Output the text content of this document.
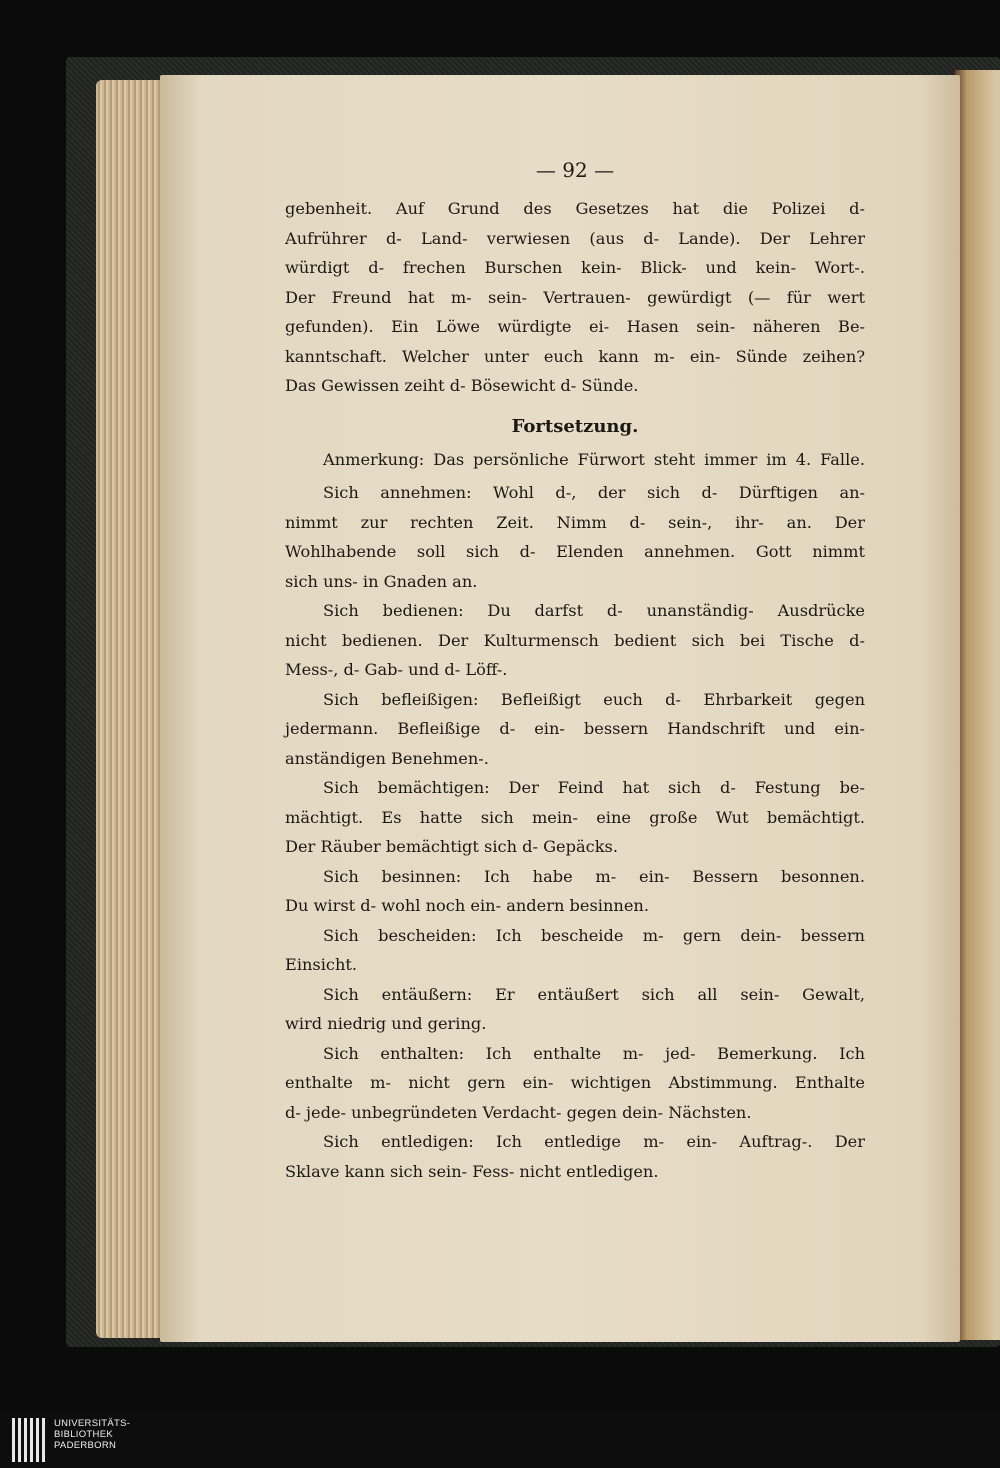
— 92 —
gebenheit. Auf Grund des Gesetzes hat die Polizei d-
Aufrührer d- Land- verwiesen (aus d- Lande). Der Lehrer
würdigt d- frechen Burschen kein- Blick- und kein- Wort-.
Der Freund hat m- sein- Vertrauen- gewürdigt (— für wert
gefunden). Ein Löwe würdigte ei- Hasen sein- näheren Be-
kanntschaft. Welcher unter euch kann m- ein- Sünde zeihen?
Das Gewissen zeiht d- Bösewicht d- Sünde.
Fortsetzung.
Anmerkung: Das persönliche Fürwort steht immer im 4. Falle.
Sich annehmen: Wohl d-, der sich d- Dürftigen an-
nimmt zur rechten Zeit. Nimm d- sein-, ihr- an. Der
Wohlhabende soll sich d- Elenden annehmen. Gott nimmt
sich uns- in Gnaden an.
Sich bedienen: Du darfst d- unanständig- Ausdrücke
nicht bedienen. Der Kulturmensch bedient sich bei Tische d-
Mess-, d- Gab- und d- Löff-.
Sich befleißigen: Befleißigt euch d- Ehrbarkeit gegen
jedermann. Befleißige d- ein- bessern Handschrift und ein-
anständigen Benehmen-.
Sich bemächtigen: Der Feind hat sich d- Festung be-
mächtigt. Es hatte sich mein- eine große Wut bemächtigt.
Der Räuber bemächtigt sich d- Gepäcks.
Sich besinnen: Ich habe m- ein- Bessern besonnen.
Du wirst d- wohl noch ein- andern besinnen.
Sich bescheiden: Ich bescheide m- gern dein- bessern
Einsicht.
Sich entäußern: Er entäußert sich all sein- Gewalt,
wird niedrig und gering.
Sich enthalten: Ich enthalte m- jed- Bemerkung. Ich
enthalte m- nicht gern ein- wichtigen Abstimmung. Enthalte
d- jede- unbegründeten Verdacht- gegen dein- Nächsten.
Sich entledigen: Ich entledige m- ein- Auftrag-. Der
Sklave kann sich sein- Fess- nicht entledigen.
UNIVERSITÄTS-
BIBLIOTHEK
PADERBORN
